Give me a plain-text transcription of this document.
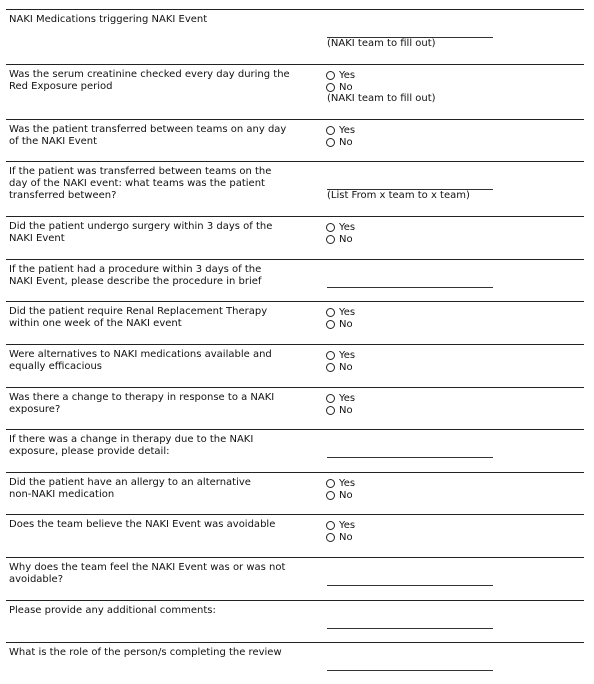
NAKI Medications triggering NAKI Event
(NAKI team to fill out)
Was the serum creatinine checked every day during the
Red Exposure period
Yes
No
(NAKI team to fill out)
Was the patient transferred between teams on any day
of the NAKI Event
Yes
No
If the patient was transferred between teams on the
day of the NAKI event: what teams was the patient
transferred between?	(List From x team to x team)
Did the patient undergo surgery within 3 days of the
NAKI Event
Yes
No
If the patient had a procedure within 3 days of the
NAKI Event, please describe the procedure in brief
Did the patient require Renal Replacement Therapy
within one week of the NAKI event
Yes
No
Were alternatives to NAKI medications available and
equally efficacious
Yes
No
Was there a change to therapy in response to a NAKI
exposure?
Yes
No
If there was a change in therapy due to the NAKI
exposure, please provide detail:
Did the patient have an allergy to an alternative
non-NAKI medication
Yes
No
Does the team believe the NAKI Event was avoidable	Yes
No
Why does the team feel the NAKI Event was or was not
avoidable?
Please provide any additional comments:
What is the role of the person/s completing the review
